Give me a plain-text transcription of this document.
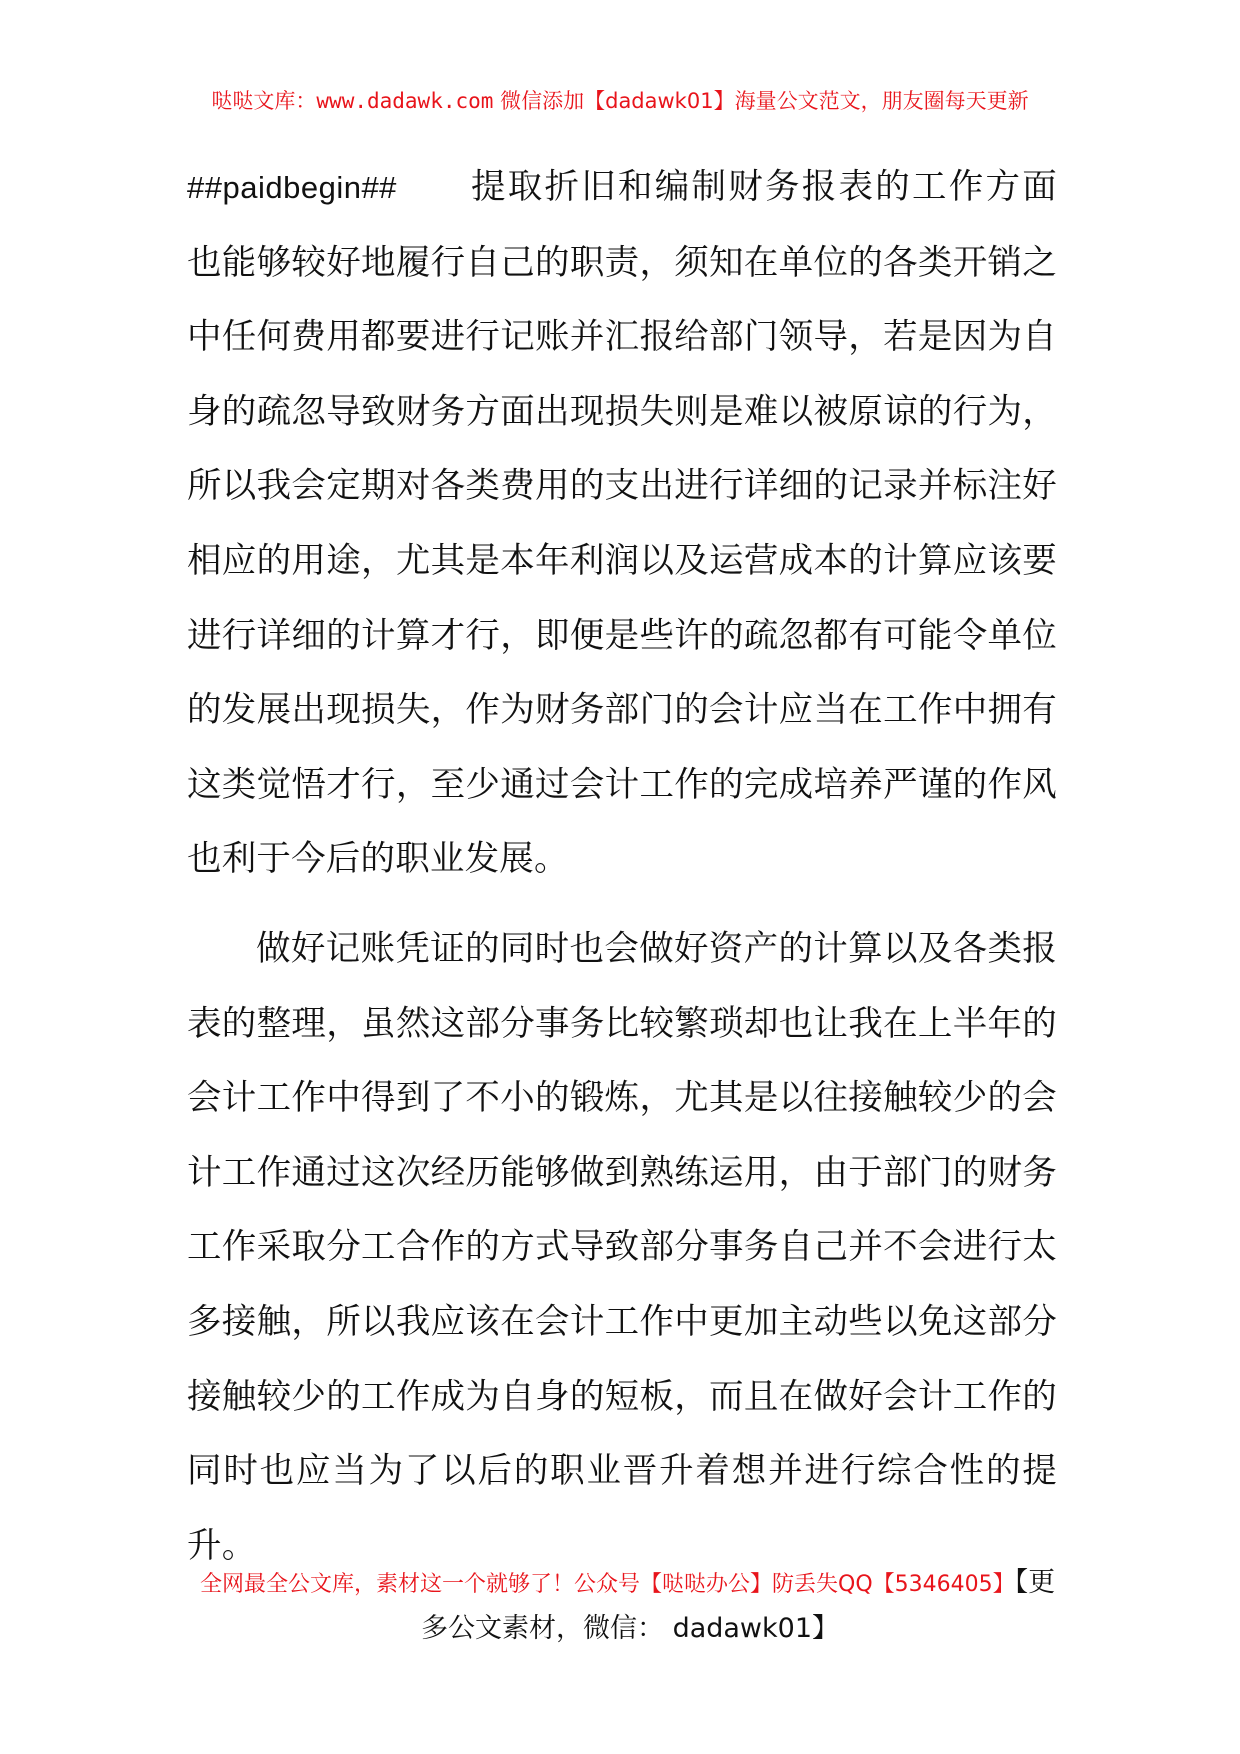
哒哒文库：www.dadawk.com 微信添加【dadawk01】海量公文范文，朋友圈每天更新

##paidbegin## 提取折旧和编制财务报表的工作方面也能够较好地履行自己的职责，须知在单位的各类开销之中任何费用都要进行记账并汇报给部门领导，若是因为自身的疏忽导致财务方面出现损失则是难以被原谅的行为，所以我会定期对各类费用的支出进行详细的记录并标注好相应的用途，尤其是本年利润以及运营成本的计算应该要进行详细的计算才行，即便是些许的疏忽都有可能令单位的发展出现损失，作为财务部门的会计应当在工作中拥有这类觉悟才行，至少通过会计工作的完成培养严谨的作风也利于今后的职业发展。

做好记账凭证的同时也会做好资产的计算以及各类报表的整理，虽然这部分事务比较繁琐却也让我在上半年的会计工作中得到了不小的锻炼，尤其是以往接触较少的会计工作通过这次经历能够做到熟练运用，由于部门的财务工作采取分工合作的方式导致部分事务自己并不会进行太多接触，所以我应该在会计工作中更加主动些以免这部分接触较少的工作成为自身的短板，而且在做好会计工作的同时也应当为了以后的职业晋升着想并进行综合性的提升。

全网最全公文库，素材这一个就够了！公众号【哒哒办公】防丢失QQ【5346405】【更
多公文素材，微信： dadawk01】
